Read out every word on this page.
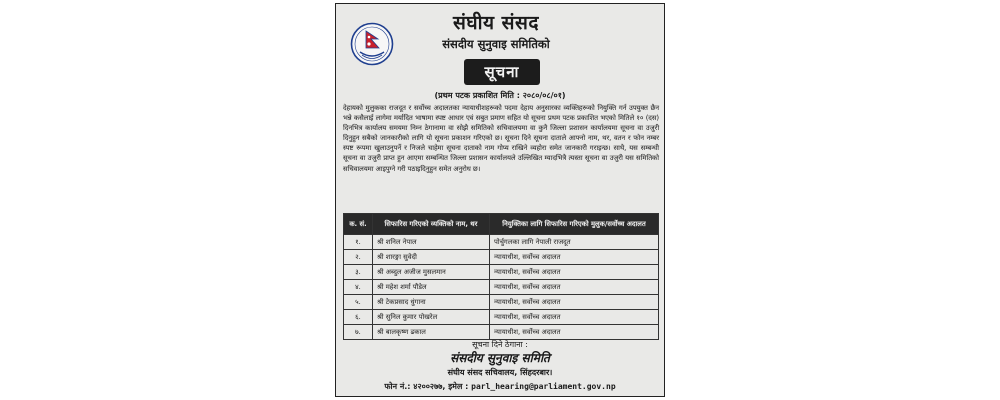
संघीय संसद
संसदीय सुनुवाइ समितिको
सूचना
(प्रथम पटक प्रकाशित मिति : २०८०/०८/०१)
देहायको मुलुकका राजदूत र सर्वोच्च अदालतका न्यायाधीशहरूको पदमा देहाय अनुसारका व्यक्तिहरूको नियुक्ति गर्न उपयुक्त छैन भन्ने कसैलाई लागेमा मर्यादित भाषामा स्पष्ट आधार एवं सबुत प्रमाण सहित यो सूचना प्रथम पटक प्रकाशित भएको मितिले १० (दस) दिनभित्र कार्यालय समयमा निम्न ठेगानामा वा सोझै समितिको सचिवालयमा वा कुनै जिल्ला प्रशासन कार्यालयमा सूचना वा उजुरी दिनुहुन सबैको जानकारीको लागि यो सूचना प्रकाशन गरिएको छ। सूचना दिने सूचना दाताले आफ्नो नाम, थर, वतन र फोन नम्बर स्पष्ट रूपमा खुलाउनुपर्ने र निजले चाहेमा सूचना दाताको नाम गोप्य राखिने व्यहोरा समेत जानकारी गराइन्छ। साथै, यस सम्बन्धी सूचना वा उजुरी प्राप्त हुन आएमा सम्बन्धित जिल्ला प्रशासन कार्यालयले उल्लिखित म्यादभित्रै त्यस्ता सूचना वा उजुरी यस समितिको सचिवालयमा आइपुग्ने गरी पठाइदिनुहुन समेत अनुरोध छ।
क. सं.	सिफारिस गरिएको व्यक्तिको नाम, थर	नियुक्तिका लागि सिफारिस गरिएको मुलुक/सर्वोच्च अदालत
१.	श्री शनिल नेपाल	पोर्चुगलका लागि नेपाली राजदूत
२.	श्री शारङ्गा सुवेदी	न्यायाधीश, सर्वोच्च अदालत
३.	श्री अब्दुल अजीज मुसलमान	न्यायाधीश, सर्वोच्च अदालत
४.	श्री महेश शर्मा पौडेल	न्यायाधीश, सर्वोच्च अदालत
५.	श्री टेकप्रसाद धुंगाना	न्यायाधीश, सर्वोच्च अदालत
६.	श्री सुनिल कुमार पोखरेल	न्यायाधीश, सर्वोच्च अदालत
७.	श्री बालकृष्ण ढकाल	न्यायाधीश, सर्वोच्च अदालत
सूचना दिने ठेगाना :
संसदीय सुनुवाइ समिति
संघीय संसद सचिवालय, सिंहदरबार।
फोन नं.: ४२००२७७, इमेल : parl_hearing@parliament.gov.np
